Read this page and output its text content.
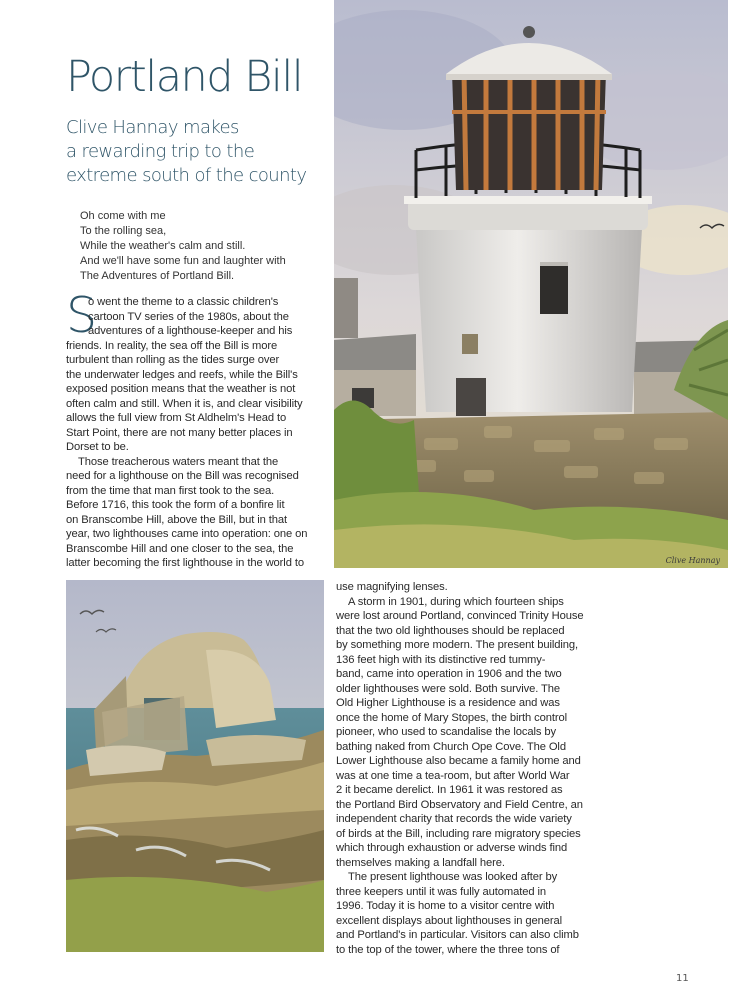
Portland Bill
Clive Hannay makes
a rewarding trip to the
extreme south of the county
Oh come with me
To the rolling sea,
While the weather's calm and still.
And we'll have some fun and laughter with
The Adventures of Portland Bill.
S
o went the theme to a classic children's
cartoon TV series of the 1980s, about the
adventures of a lighthouse-keeper and his
friends. In reality, the sea off the Bill is more
turbulent than rolling as the tides surge over
the underwater ledges and reefs, while the Bill's
exposed position means that the weather is not
often calm and still. When it is, and clear visibility
allows the full view from St Aldhelm's Head to
Start Point, there are not many better places in
Dorset to be.
Those treacherous waters meant that the
need for a lighthouse on the Bill was recognised
from the time that man first took to the sea.
Before 1716, this took the form of a bonfire lit
on Branscombe Hill, above the Bill, but in that
year, two lighthouses came into operation: one on
Branscombe Hill and one closer to the sea, the
latter becoming the first lighthouse in the world to	Clive Hannay
use magnifying lenses.
A storm in 1901, during which fourteen ships
were lost around Portland, convinced Trinity House
that the two old lighthouses should be replaced
by something more modern. The present building,
136 feet high with its distinctive red tummy-
band, came into operation in 1906 and the two
older lighthouses were sold. Both survive. The
Old Higher Lighthouse is a residence and was
once the home of Mary Stopes, the birth control
pioneer, who used to scandalise the locals by
bathing naked from Church Ope Cove. The Old
Lower Lighthouse also became a family home and
was at one time a tea-room, but after World War
2 it became derelict. In 1961 it was restored as
the Portland Bird Observatory and Field Centre, an
independent charity that records the wide variety
of birds at the Bill, including rare migratory species
which through exhaustion or adverse winds find
themselves making a landfall here.
The present lighthouse was looked after by
three keepers until it was fully automated in
1996. Today it is home to a visitor centre with
excellent displays about lighthouses in general
and Portland's in particular. Visitors can also climb
to the top of the tower, where the three tons of
11
